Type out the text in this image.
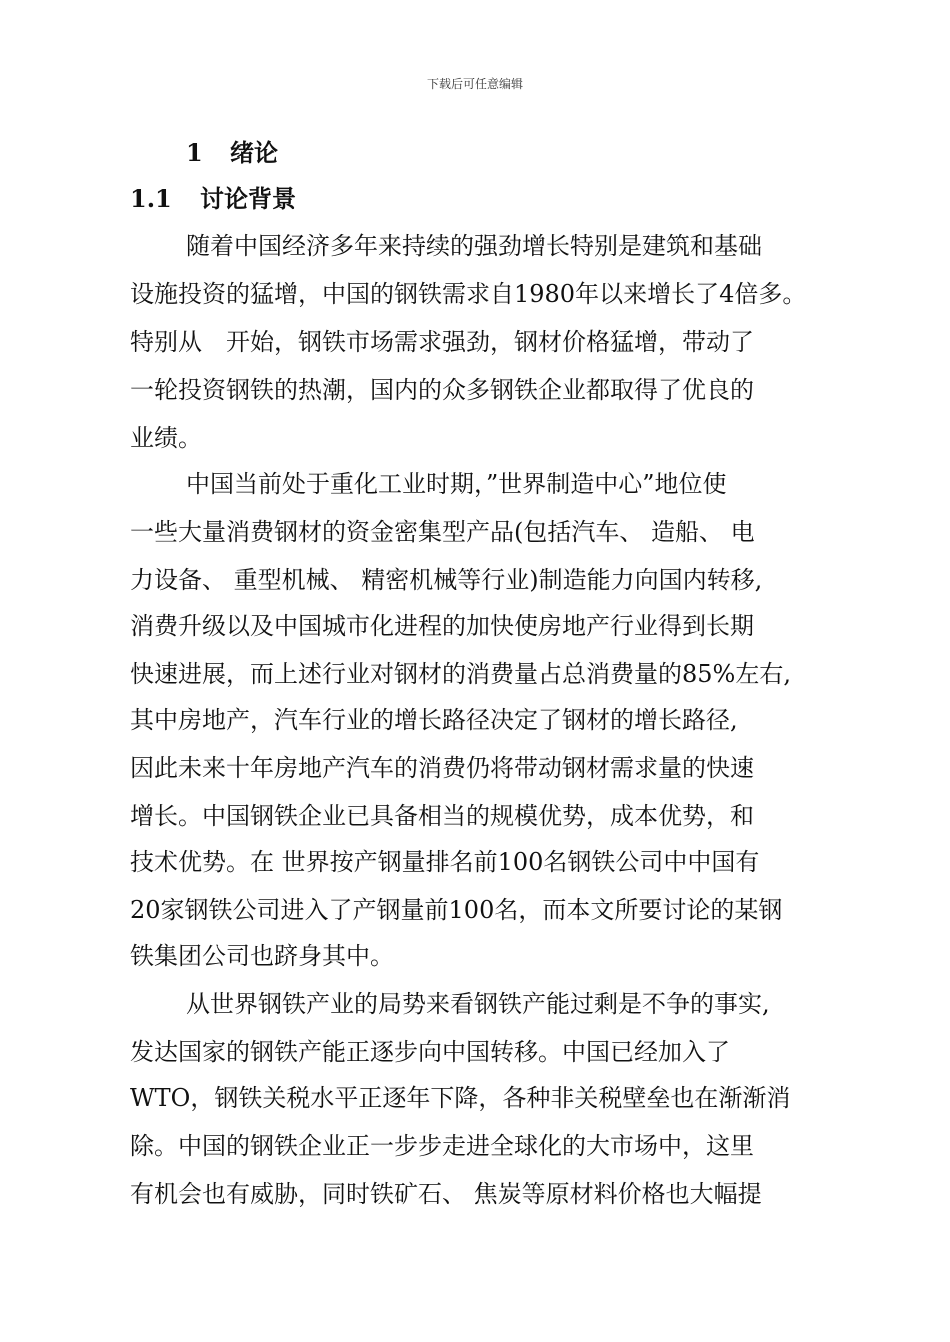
下载后可任意编辑
1 绪论
1.1 讨论背景
随着中国经济多年来持续的强劲增长特别是建筑和基础
设施投资的猛增，中国的钢铁需求自1980年以来增长了4倍多。
特别从　开始，钢铁市场需求强劲，钢材价格猛增，带动了
一轮投资钢铁的热潮，国内的众多钢铁企业都取得了优良的
业绩。
中国当前处于重化工业时期，”世界制造中心”地位使
一些大量消费钢材的资金密集型产品(包括汽车、 造船、 电
力设备、 重型机械、 精密机械等行业)制造能力向国内转移,
消费升级以及中国城市化进程的加快使房地产行业得到长期
快速进展，而上述行业对钢材的消费量占总消费量的85%左右,
其中房地产，汽车行业的增长路径决定了钢材的增长路径,
因此未来十年房地产汽车的消费仍将带动钢材需求量的快速
增长。中国钢铁企业已具备相当的规模优势，成本优势，和
技术优势。在 世界按产钢量排名前100名钢铁公司中中国有
20家钢铁公司进入了产钢量前100名，而本文所要讨论的某钢
铁集团公司也跻身其中。
从世界钢铁产业的局势来看钢铁产能过剩是不争的事实,
发达国家的钢铁产能正逐步向中国转移。中国已经加入了
WTO，钢铁关税水平正逐年下降，各种非关税壁垒也在渐渐消
除。中国的钢铁企业正一步步走进全球化的大市场中，这里
有机会也有威胁，同时铁矿石、 焦炭等原材料价格也大幅提
